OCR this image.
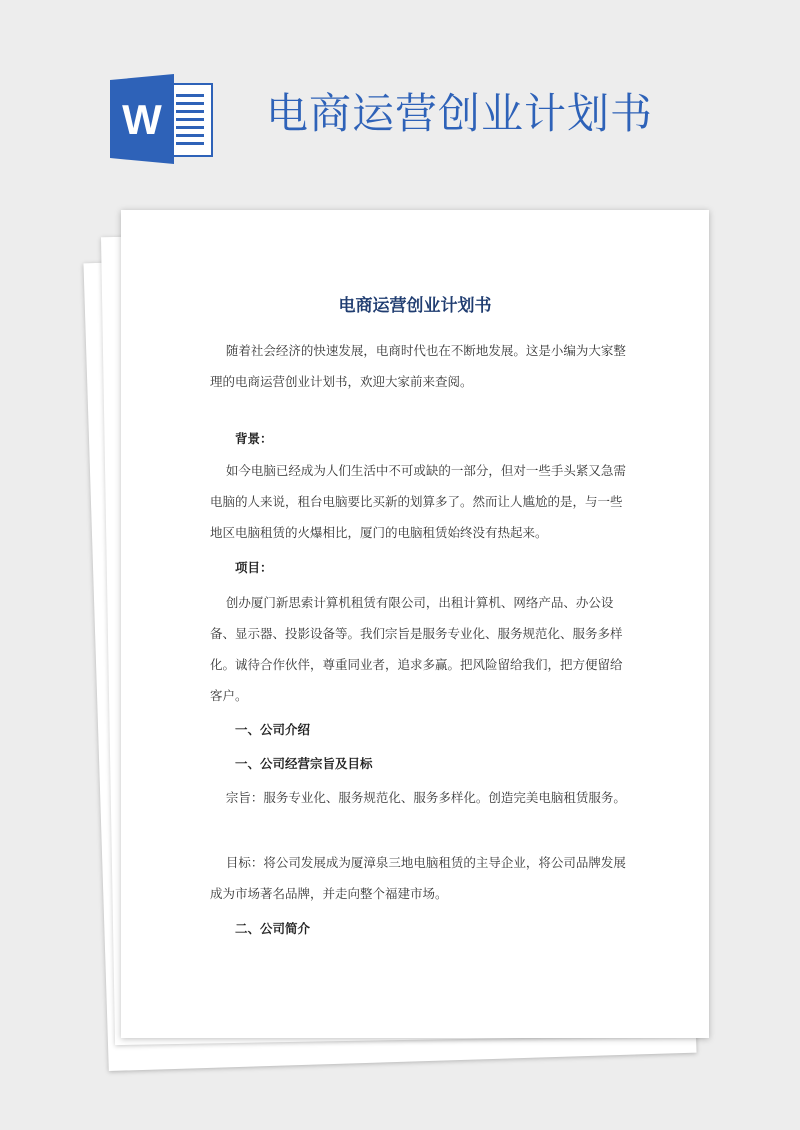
W 电商运营创业计划书
电商运营创业计划书
随着社会经济的快速发展，电商时代也在不断地发展。这是小编为大家整理的电商运营创业计划书，欢迎大家前来查阅。
背景：
如今电脑已经成为人们生活中不可或缺的一部分，但对一些手头紧又急需电脑的人来说，租台电脑要比买新的划算多了。然而让人尴尬的是，与一些地区电脑租赁的火爆相比，厦门的电脑租赁始终没有热起来。
项目：
创办厦门新思索计算机租赁有限公司，出租计算机、网络产品、办公设备、显示器、投影设备等。我们宗旨是服务专业化、服务规范化、服务多样化。诚待合作伙伴，尊重同业者，追求多赢。把风险留给我们，把方便留给客户。
一、公司介绍
一、公司经营宗旨及目标
宗旨：服务专业化、服务规范化、服务多样化。创造完美电脑租赁服务。
目标：将公司发展成为厦漳泉三地电脑租赁的主导企业，将公司品牌发展成为市场著名品牌，并走向整个福建市场。
二、公司简介
